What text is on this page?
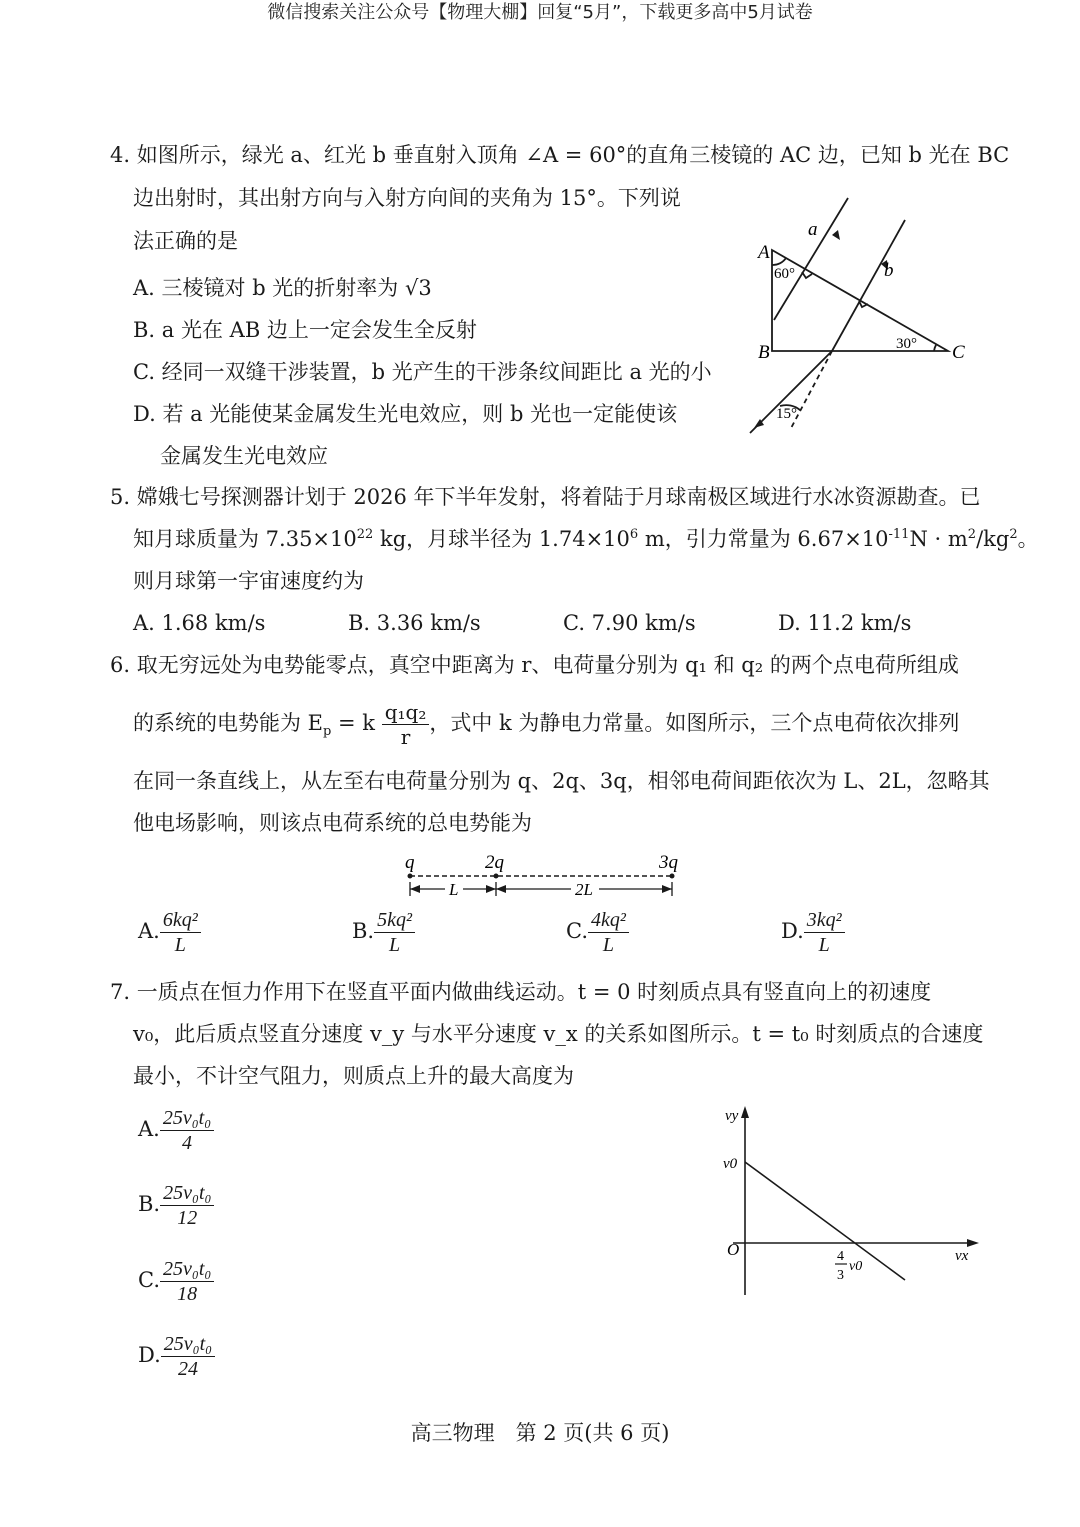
微信搜索关注公众号【物理大棚】回复“5月”，下载更多高中5月试卷
4. 如图所示，绿光 a、红光 b 垂直射入顶角 ∠A = 60°的直角三棱镜的 AC 边，已知 b 光在 BC
边出射时，其出射方向与入射方向间的夹角为 15°。下列说
法正确的是
A. 三棱镜对 b 光的折射率为 √3
B. a 光在 AB 边上一定会发生全反射
C. 经同一双缝干涉装置，b 光产生的干涉条纹间距比 a 光的小
D. 若 a 光能使某金属发生光电效应，则 b 光也一定能使该
金属发生光电效应
A
B	C
a
b
60°
30°
15°
5. 嫦娥七号探测器计划于 2026 年下半年发射，将着陆于月球南极区域进行水冰资源勘查。已
知月球质量为 $7.35\times 10^{22}$ kg，月球半径为 $1.74\times 10^6$ m，引力常量为 $6.67\times 10^{-11}N \cdot m^2/kg^2$。
则月球第一宇宙速度约为
A. 1.68 km/s	B. 3.36 km/s	C. 7.90 km/s	D. 11.2 km/s
6. 取无穷远处为电势能零点，真空中距离为 r、电荷量分别为 q₁ 和 q₂ 的两个点电荷所组成
的系统的电势能为 $E_p = k \frac{\text{q₁q₂}}{r}$ ，式中 k 为静电力常量。如图所示，三个点电荷依次排列
在同一条直线上，从左至右电荷量分别为 q、2q、3q，相邻电荷间距依次为 L、2L，忽略其
他电场影响，则该点电荷系统的总电势能为
q	2q	3q
L	2L
A. $\frac{\text{6kq²}}{L}$	B. $\frac{\text{5kq²}}{L}$	C. $\frac{\text{4kq²}}{L}$	D. $\frac{\text{3kq²}}{L}$
7. 一质点在恒力作用下在竖直平面内做曲线运动。t = 0 时刻质点具有竖直向上的初速度
v₀，此后质点竖直分速度 v_y 与水平分速度 v_x 的关系如图所示。t = t₀ 时刻质点的合速度
最小，不计空气阻力，则质点上升的最大高度为
A. $\frac{\text{25v₀t₀}}{4}$
B. $\frac{\text{25v₀t₀}}{12}$
C. $\frac{\text{25v₀t₀}}{18}$
D. $\frac{\text{25v₀t₀}}{24}$
vy
vx
O
v0
4
3
v0
高三物理　第 2 页(共 6 页)
